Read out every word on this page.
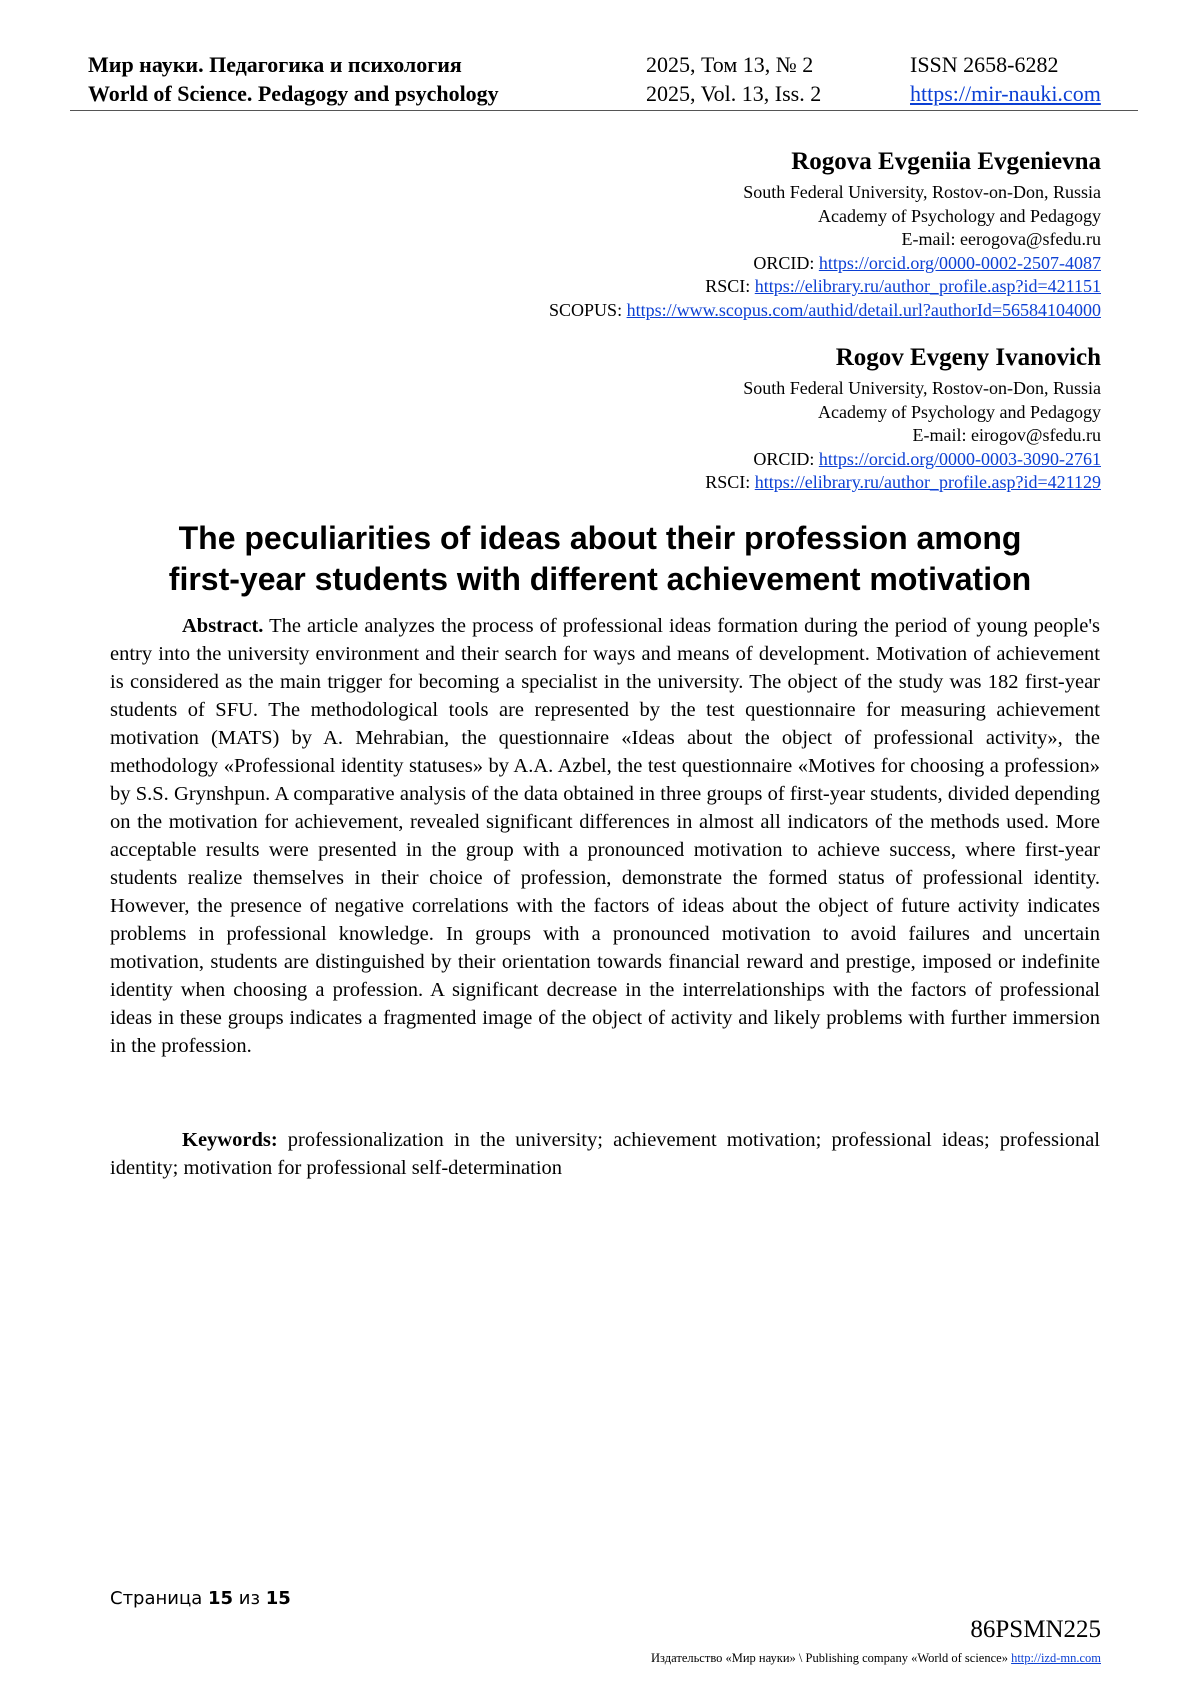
Мир науки. Педагогика и психология	2025, Том 13, № 2	ISSN 2658-6282
World of Science. Pedagogy and psychology	2025, Vol. 13, Iss. 2	https://mir-nauki.com
Rogova Evgeniia Evgenievna
South Federal University, Rostov-on-Don, Russia
Academy of Psychology and Pedagogy
E-mail: eerogova@sfedu.ru
ORCID: https://orcid.org/0000-0002-2507-4087
RSCI: https://elibrary.ru/author_profile.asp?id=421151
SCOPUS: https://www.scopus.com/authid/detail.url?authorId=56584104000
Rogov Evgeny Ivanovich
South Federal University, Rostov-on-Don, Russia
Academy of Psychology and Pedagogy
E-mail: eirogov@sfedu.ru
ORCID: https://orcid.org/0000-0003-3090-2761
RSCI: https://elibrary.ru/author_profile.asp?id=421129
The peculiarities of ideas about their profession among
first-year students with different achievement motivation

Abstract. The article analyzes the process of professional ideas formation during the period of young people's entry into the university environment and their search for ways and means of development. Motivation of achievement is considered as the main trigger for becoming a specialist in the university. The object of the study was 182 first-year students of SFU. The methodological tools are represented by the test questionnaire for measuring achievement motivation (MATS) by A. Mehrabian, the questionnaire «Ideas about the object of professional activity», the methodology «Professional identity statuses» by A.A. Azbel, the test questionnaire «Motives for choosing a profession» by S.S. Grynshpun. A comparative analysis of the data obtained in three groups of first-year students, divided depending on the motivation for achievement, revealed significant differences in almost all indicators of the methods used. More acceptable results were presented in the group with a pronounced motivation to achieve success, where first-year students realize themselves in their choice of profession, demonstrate the formed status of professional identity. However, the presence of negative correlations with the factors of ideas about the object of future activity indicates problems in professional knowledge. In groups with a pronounced motivation to avoid failures and uncertain motivation, students are distinguished by their orientation towards financial reward and prestige, imposed or indefinite identity when choosing a profession. A significant decrease in the interrelationships with the factors of professional ideas in these groups indicates a fragmented image of the object of activity and likely problems with further immersion in the profession.

Keywords: professionalization in the university; achievement motivation; professional ideas; professional identity; motivation for professional self-determination

Страница 15 из 15
86PSMN225
Издательство «Мир науки» \ Publishing company «World of science» http://izd-mn.com
